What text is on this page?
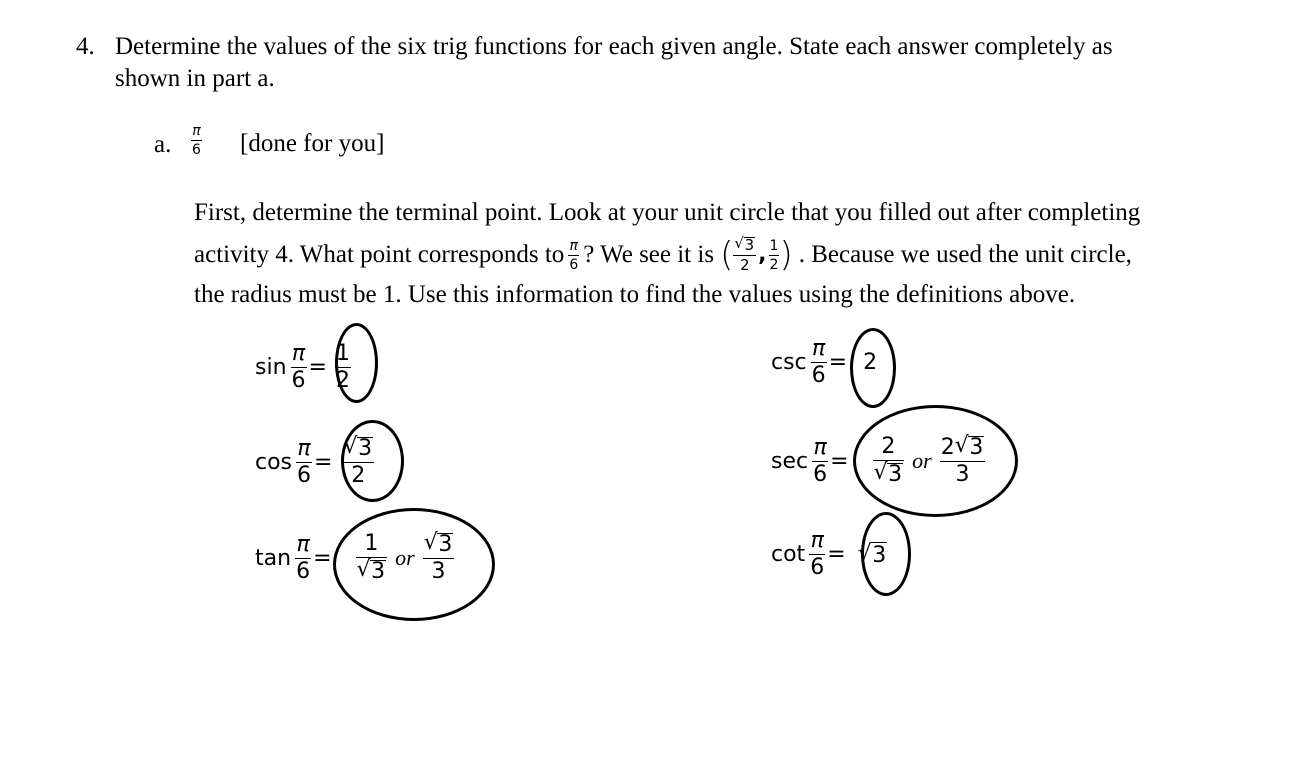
4. Determine the values of the six trig functions for each given angle. State each answer completely as
shown in part a.
a. $\frac{\pi}{6}$ [done for you]
First, determine the terminal point. Look at your unit circle that you filled out after completing
activity 4. What point corresponds to $\frac{\pi}{6}$ ? We see it is ( $\frac{√ 3}{2}$ , $\frac{1}{2}$ ) . Because we used the unit circle,
the radius must be 1. Use this information to find the values using the definitions above.
$\sin \frac{\pi}{6} = \frac{1}{2}$
$\cos \frac{\pi}{6} = \frac{√ 3}{2}$
$\tan \frac{\pi}{6} = \frac{1}{√ 3}$ or $\frac{√ 3}{3}$
$\csc \frac{\pi}{6} = 2$
$\sec \frac{\pi}{6} = \frac{2}{√ 3}$ or $\frac{2 √ 3}{3}$
$\cot \frac{\pi}{6}$ = √ 3
